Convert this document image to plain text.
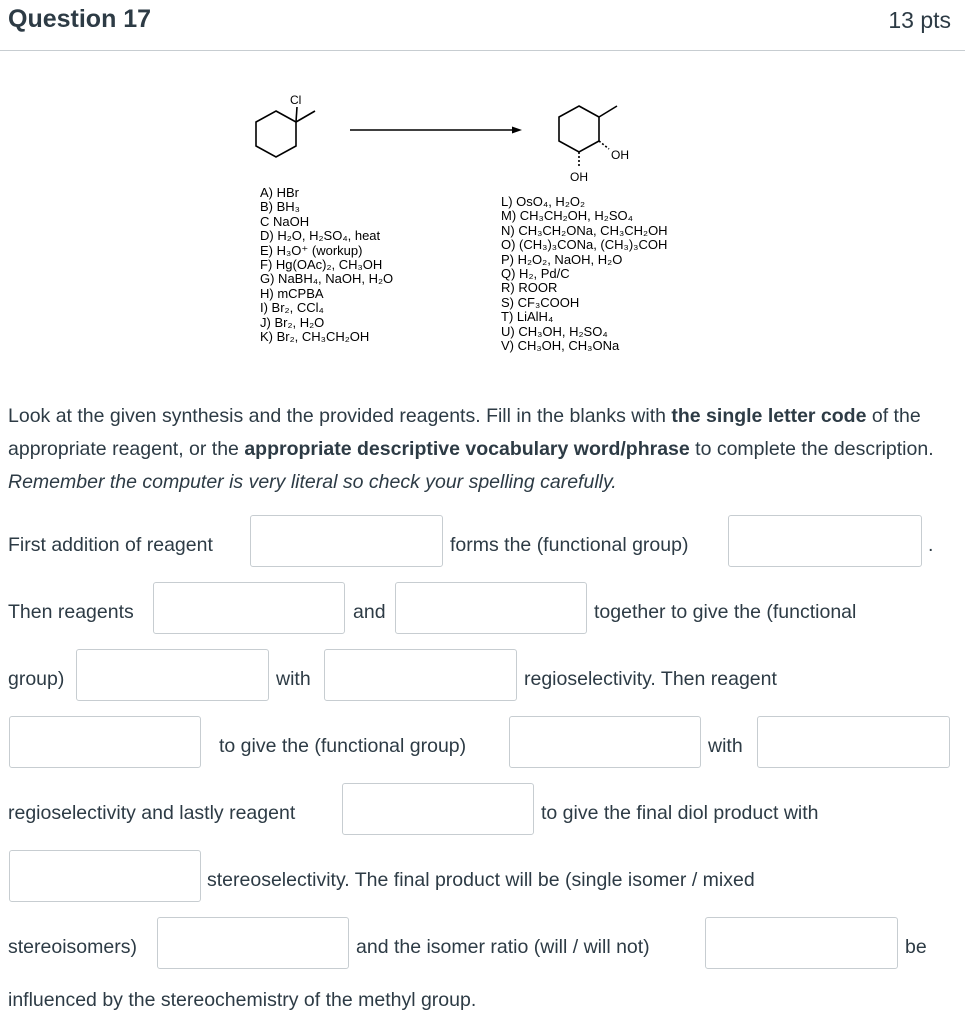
Question 17	13 pts
Cl
OH
OH
A) HBr
B) BH₃
C NaOH
D) H₂O, H₂SO₄, heat
E) H₃O⁺ (workup)
F) Hg(OAc)₂, CH₃OH
G) NaBH₄, NaOH, H₂O
H) mCPBA
I) Br₂, CCl₄
J) Br₂, H₂O
K) Br₂, CH₃CH₂OH
L) OsO₄, H₂O₂
M) CH₃CH₂OH, H₂SO₄
N) CH₃CH₂ONa, CH₃CH₂OH
O) (CH₃)₃CONa, (CH₃)₃COH
P) H₂O₂, NaOH, H₂O
Q) H₂, Pd/C
R) ROOR
S) CF₃COOH
T) LiAlH₄
U) CH₃OH, H₂SO₄
V) CH₃OH, CH₃ONa
Look at the given synthesis and the provided reagents. Fill in the blanks with the single letter code of the appropriate reagent, or the appropriate descriptive vocabulary word/phrase to complete the description. Remember the computer is very literal so check your spelling carefully.
First addition of reagent	forms the (functional group)	.
Then reagents	and	together to give the (functional
group)	with	regioselectivity. Then reagent
to give the (functional group)	with
regioselectivity and lastly reagent	to give the final diol product with
stereoselectivity. The final product will be (single isomer / mixed
stereoisomers)	and the isomer ratio (will / will not)	be
influenced by the stereochemistry of the methyl group.
